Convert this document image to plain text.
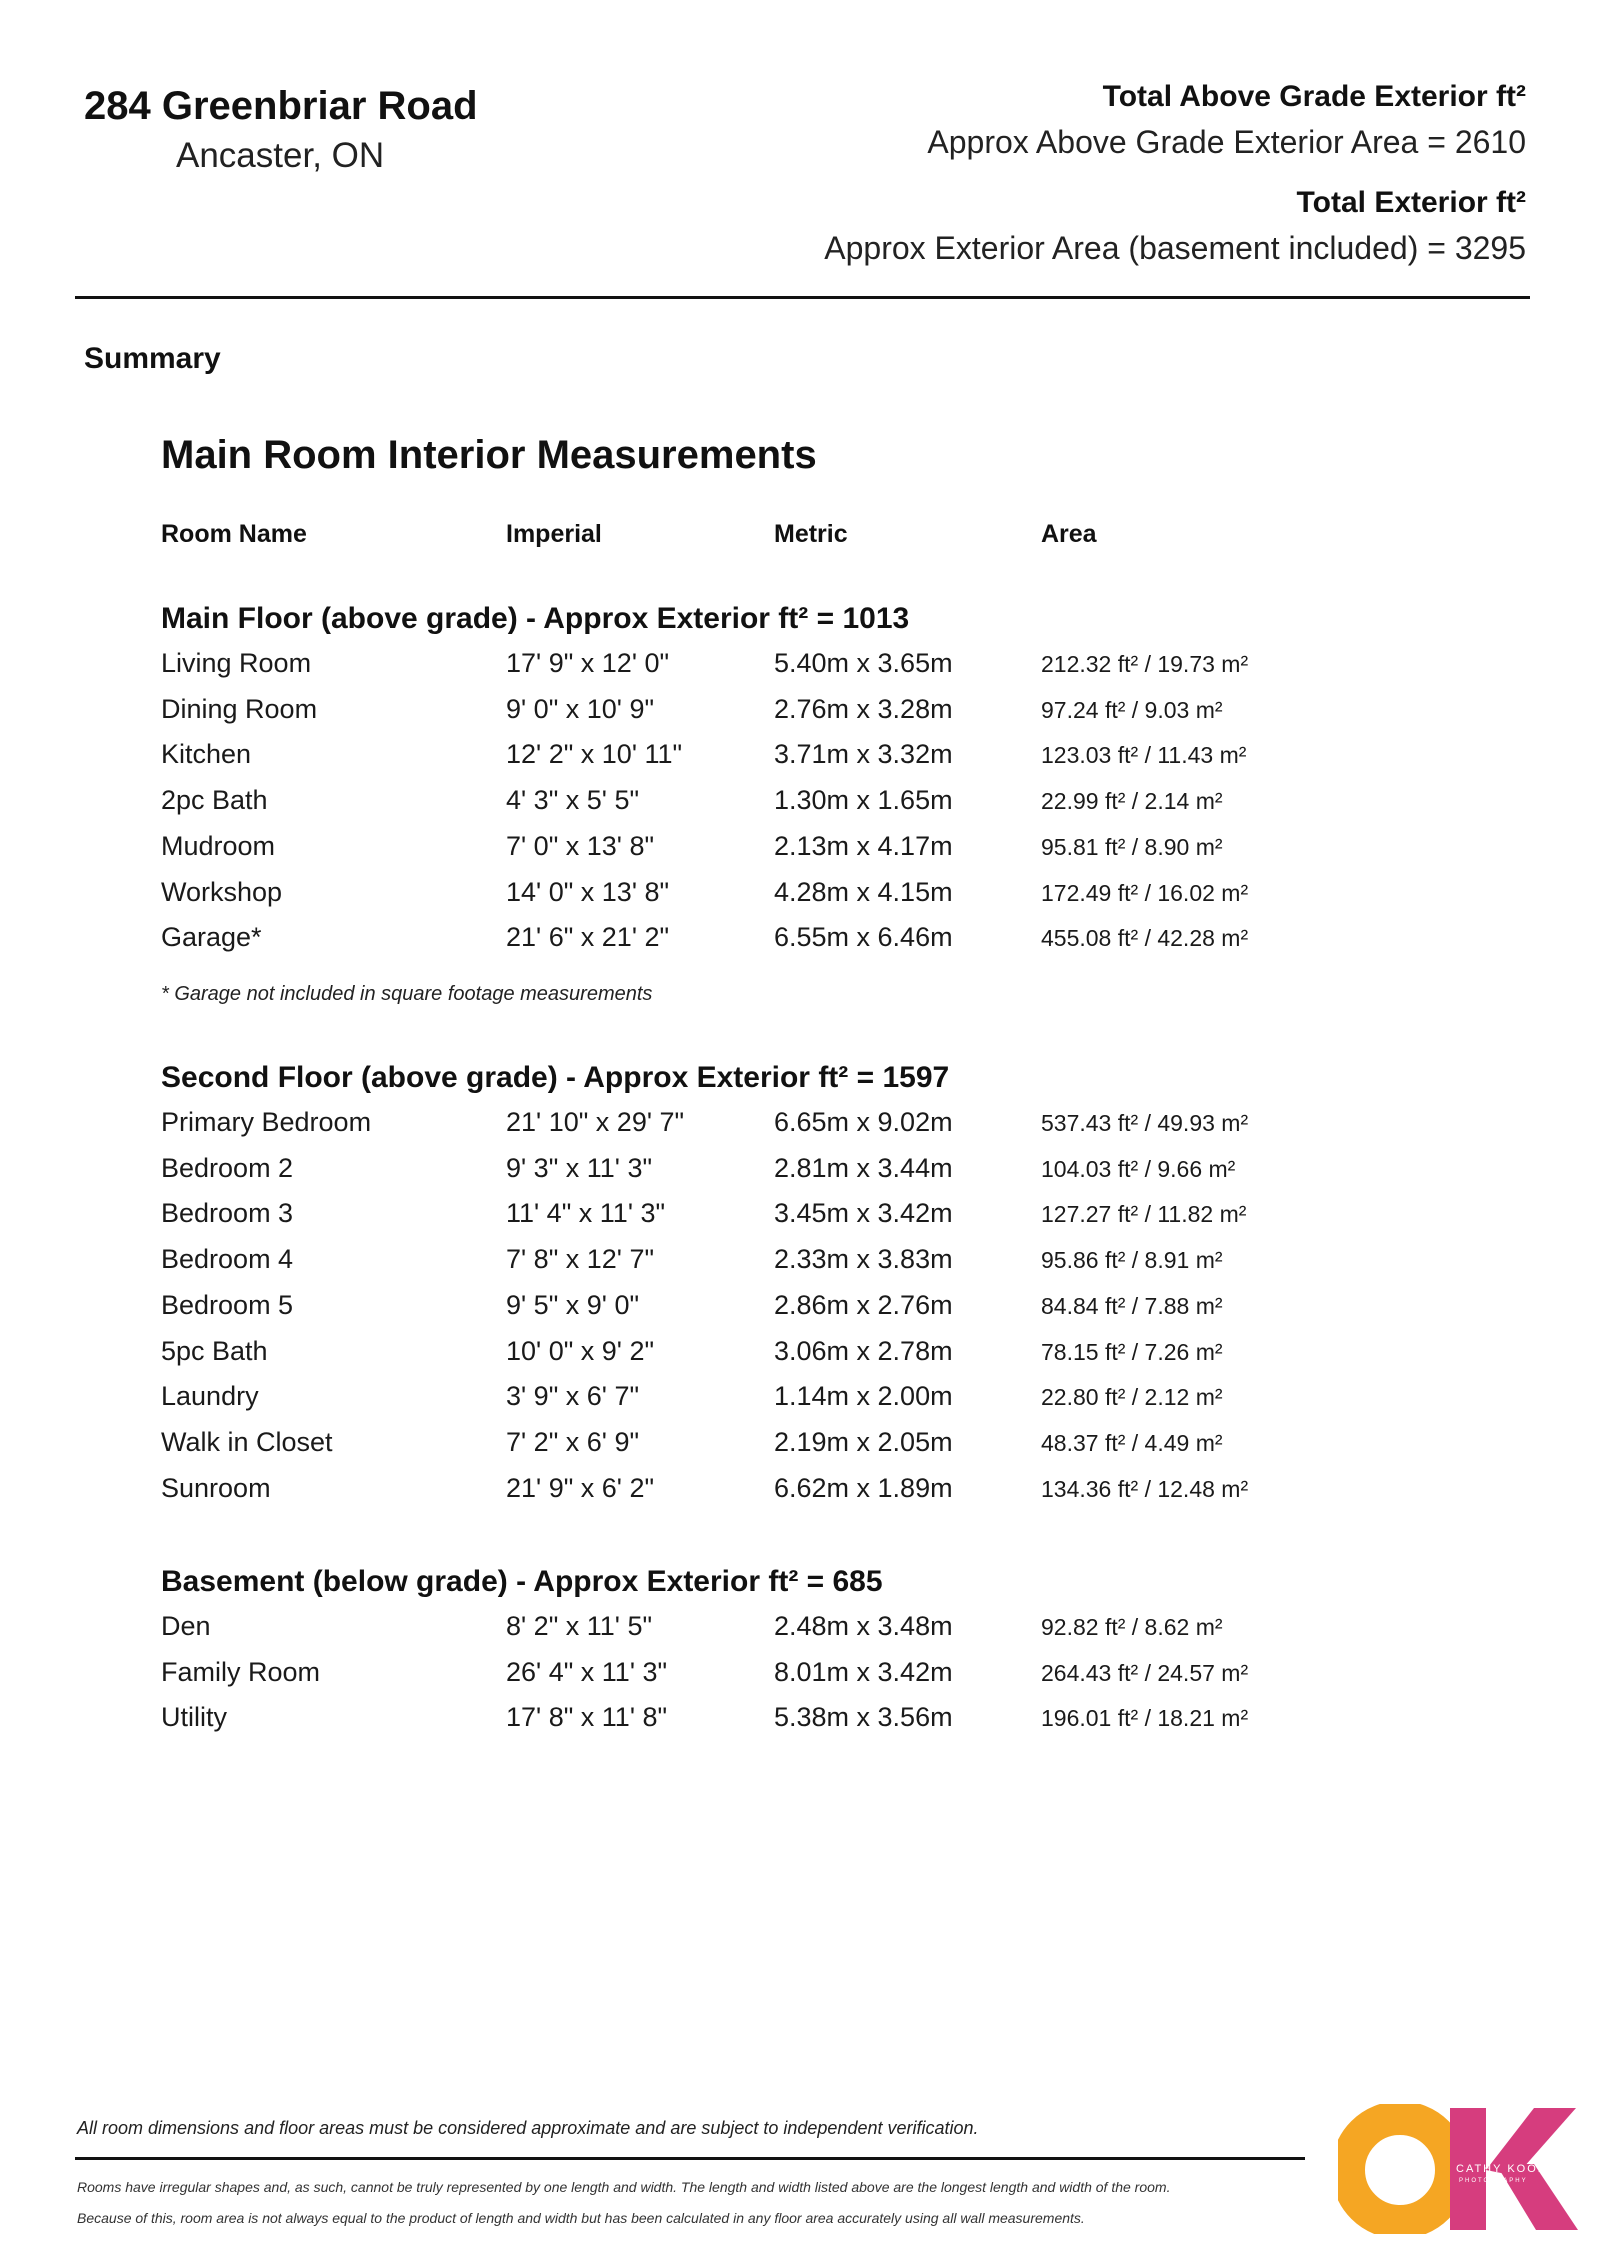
284 Greenbriar Road
Ancaster, ON
Total Above Grade Exterior ft²
Approx Above Grade Exterior Area = 2610
Total Exterior ft²
Approx Exterior Area (basement included) = 3295
Summary
Main Room Interior Measurements
Room Name	Imperial	Metric	Area
Main Floor (above grade) - Approx Exterior ft² = 1013
Living Room	17' 9" x 12' 0"	5.40m x 3.65m	212.32 ft² / 19.73 m²
Dining Room	9' 0" x 10' 9"	2.76m x 3.28m	97.24 ft² / 9.03 m²
Kitchen	12' 2" x 10' 11"	3.71m x 3.32m	123.03 ft² / 11.43 m²
2pc Bath	4' 3" x 5' 5"	1.30m x 1.65m	22.99 ft² / 2.14 m²
Mudroom	7' 0" x 13' 8"	2.13m x 4.17m	95.81 ft² / 8.90 m²
Workshop	14' 0" x 13' 8"	4.28m x 4.15m	172.49 ft² / 16.02 m²
Garage*	21' 6" x 21' 2"	6.55m x 6.46m	455.08 ft² / 42.28 m²
* Garage not included in square footage measurements
Second Floor (above grade) - Approx Exterior ft² = 1597
Primary Bedroom	21' 10" x 29' 7"	6.65m x 9.02m	537.43 ft² / 49.93 m²
Bedroom 2	9' 3" x 11' 3"	2.81m x 3.44m	104.03 ft² / 9.66 m²
Bedroom 3	11' 4" x 11' 3"	3.45m x 3.42m	127.27 ft² / 11.82 m²
Bedroom 4	7' 8" x 12' 7"	2.33m x 3.83m	95.86 ft² / 8.91 m²
Bedroom 5	9' 5" x 9' 0"	2.86m x 2.76m	84.84 ft² / 7.88 m²
5pc Bath	10' 0" x 9' 2"	3.06m x 2.78m	78.15 ft² / 7.26 m²
Laundry	3' 9" x 6' 7"	1.14m x 2.00m	22.80 ft² / 2.12 m²
Walk in Closet	7' 2" x 6' 9"	2.19m x 2.05m	48.37 ft² / 4.49 m²
Sunroom	21' 9" x 6' 2"	6.62m x 1.89m	134.36 ft² / 12.48 m²
Basement (below grade) - Approx Exterior ft² = 685
Den	8' 2" x 11' 5"	2.48m x 3.48m	92.82 ft² / 8.62 m²
Family Room	26' 4" x 11' 3"	8.01m x 3.42m	264.43 ft² / 24.57 m²
Utility	17' 8" x 11' 8"	5.38m x 3.56m	196.01 ft² / 18.21 m²
All room dimensions and floor areas must be considered approximate and are subject to independent verification.
Rooms have irregular shapes and, as such, cannot be truly represented by one length and width. The length and width listed above are the longest length and width of the room.
Because of this, room area is not always equal to the product of length and width but has been calculated in any floor area accurately using all wall measurements.
CATHY KOOP
PHOTOGRAPHY
